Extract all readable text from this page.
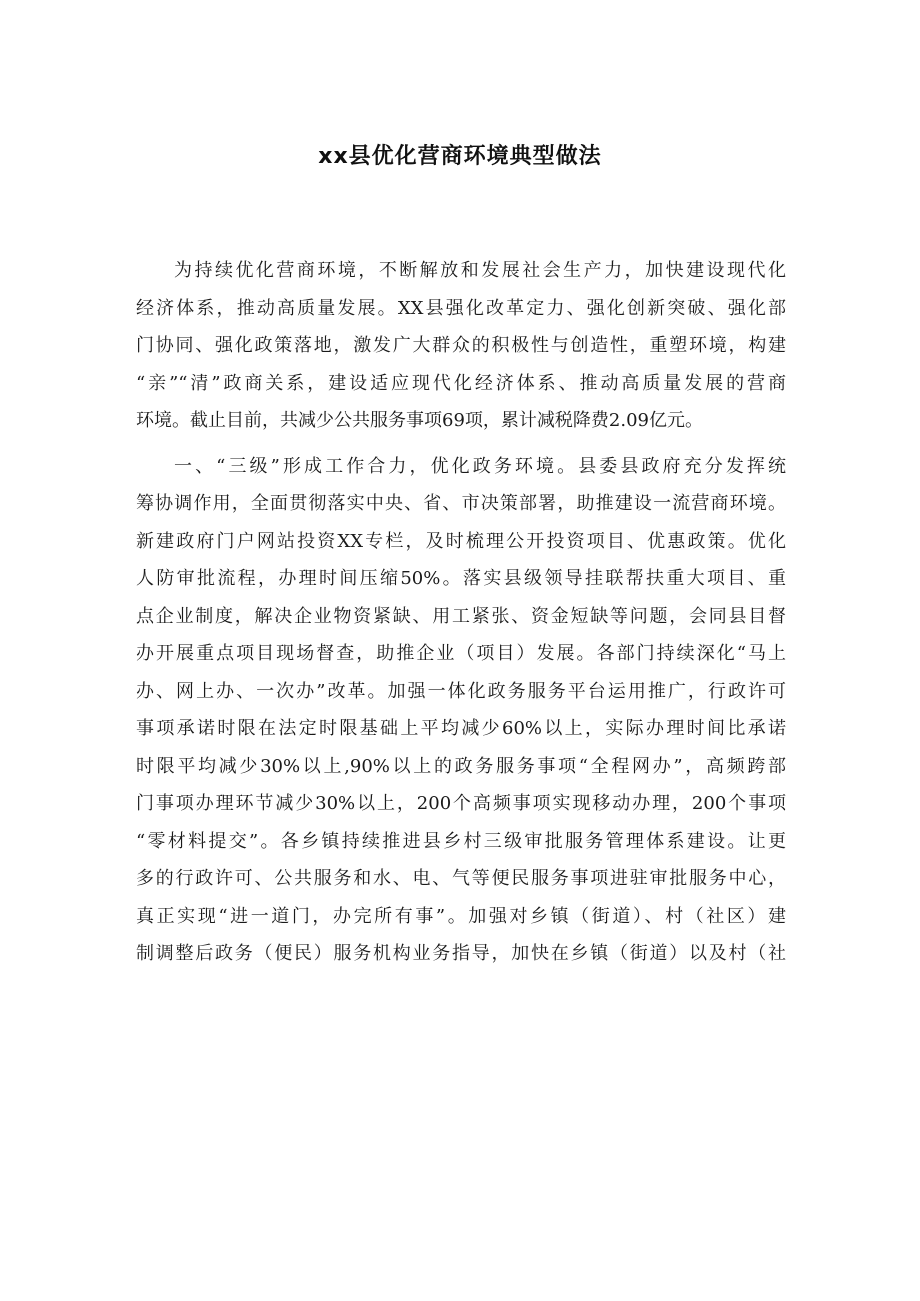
xx县优化营商环境典型做法
为持续优化营商环境，不断解放和发展社会生产力，加快建设现代化
经济体系，推动高质量发展。XX县强化改革定力、强化创新突破、强化部
门协同、强化政策落地，激发广大群众的积极性与创造性，重塑环境，构建
“亲”“清”政商关系，建设适应现代化经济体系、推动高质量发展的营商
环境。截止目前，共减少公共服务事项69项，累计减税降费2.09亿元。
一、“三级”形成工作合力，优化政务环境。县委县政府充分发挥统
筹协调作用，全面贯彻落实中央、省、市决策部署，助推建设一流营商环境。
新建政府门户网站投资XX专栏，及时梳理公开投资项目、优惠政策。优化
人防审批流程，办理时间压缩50%。落实县级领导挂联帮扶重大项目、重
点企业制度，解决企业物资紧缺、用工紧张、资金短缺等问题，会同县目督
办开展重点项目现场督查，助推企业（项目）发展。各部门持续深化“马上
办、网上办、一次办”改革。加强一体化政务服务平台运用推广，行政许可
事项承诺时限在法定时限基础上平均减少60%以上，实际办理时间比承诺
时限平均减少30%以上,90%以上的政务服务事项“全程网办”，高频跨部
门事项办理环节减少30%以上，200个高频事项实现移动办理，200个事项
“零材料提交”。各乡镇持续推进县乡村三级审批服务管理体系建设。让更
多的行政许可、公共服务和水、电、气等便民服务事项进驻审批服务中心，
真正实现“进一道门，办完所有事”。加强对乡镇（街道）、村（社区）建
制调整后政务（便民）服务机构业务指导，加快在乡镇（街道）以及村（社
